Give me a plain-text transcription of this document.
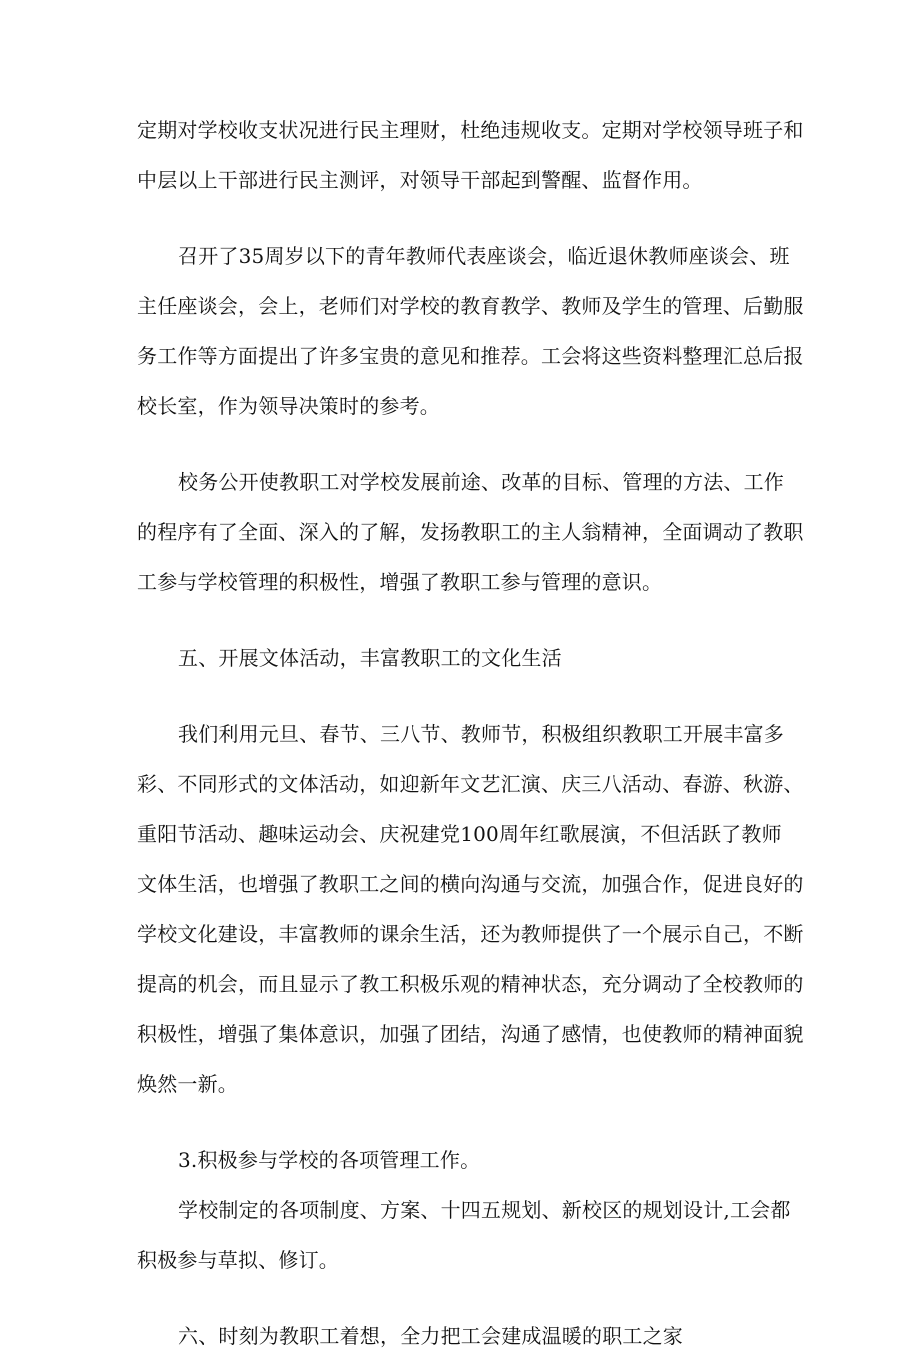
定期对学校收支状况进行民主理财，杜绝违规收支。定期对学校领导班子和
中层以上干部进行民主测评，对领导干部起到警醒、监督作用。
召开了35周岁以下的青年教师代表座谈会，临近退休教师座谈会、班
主任座谈会，会上，老师们对学校的教育教学、教师及学生的管理、后勤服
务工作等方面提出了许多宝贵的意见和推荐。工会将这些资料整理汇总后报
校长室，作为领导决策时的参考。
校务公开使教职工对学校发展前途、改革的目标、管理的方法、工作
的程序有了全面、深入的了解，发扬教职工的主人翁精神，全面调动了教职
工参与学校管理的积极性，增强了教职工参与管理的意识。
五、开展文体活动，丰富教职工的文化生活
我们利用元旦、春节、三八节、教师节，积极组织教职工开展丰富多
彩、不同形式的文体活动，如迎新年文艺汇演、庆三八活动、春游、秋游、
重阳节活动、趣味运动会、庆祝建党100周年红歌展演，不但活跃了教师
文体生活，也增强了教职工之间的横向沟通与交流，加强合作，促进良好的
学校文化建设，丰富教师的课余生活，还为教师提供了一个展示自己，不断
提高的机会，而且显示了教工积极乐观的精神状态，充分调动了全校教师的
积极性，增强了集体意识，加强了团结，沟通了感情，也使教师的精神面貌
焕然一新。
3.积极参与学校的各项管理工作。
学校制定的各项制度、方案、十四五规划、新校区的规划设计,工会都
积极参与草拟、修订。
六、时刻为教职工着想，全力把工会建成温暖的职工之家
